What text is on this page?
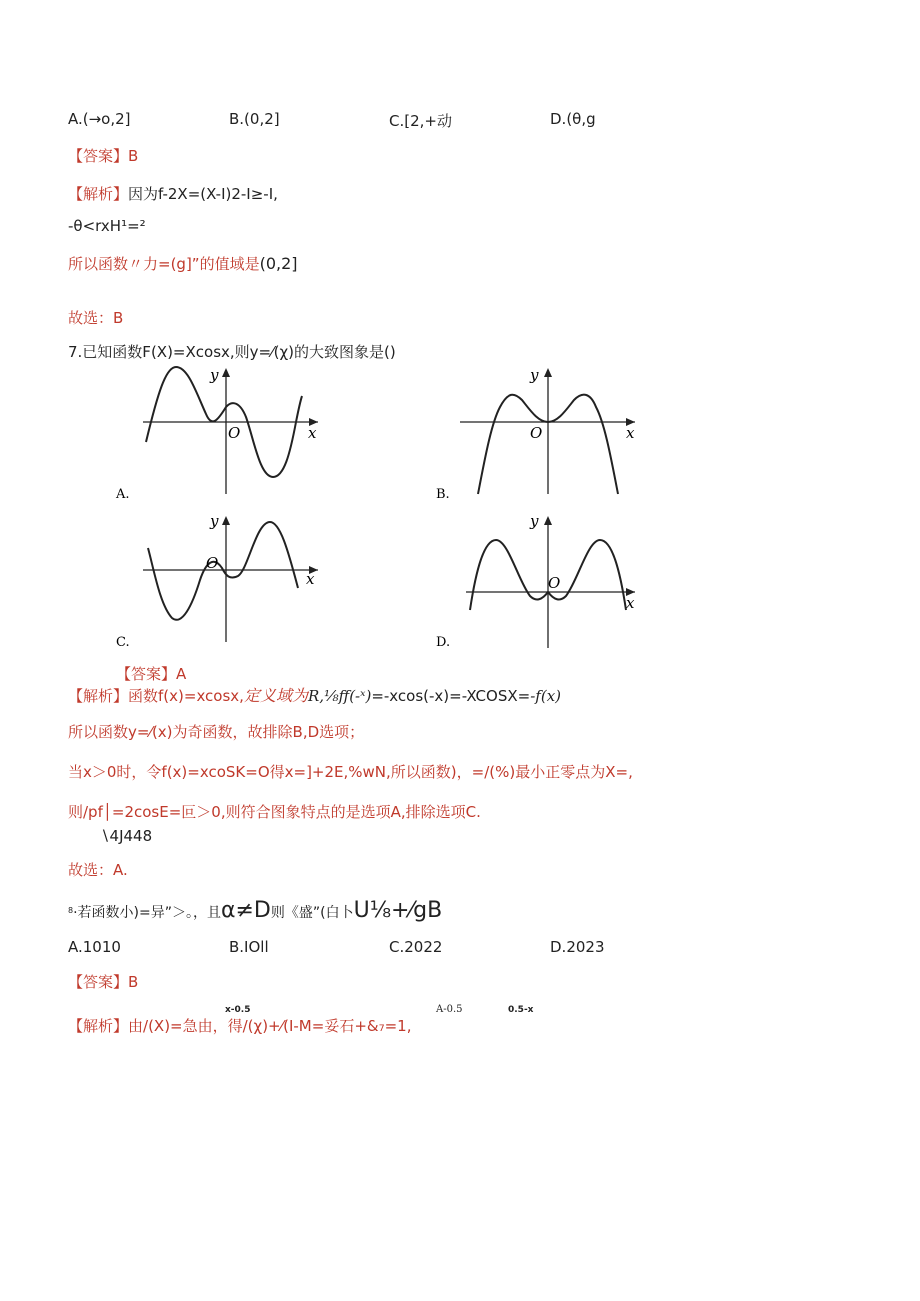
A.(→o,2]	B.(0,2]	C.[2,+动	D.(θ,g
【答案】B
【解析】因为f-2X=(X-I)2-I≥-I,
-θ<rxH¹=²
所以函数〃力=(g]”的值域是(0,2]
故选：B
7.已知函数F(X)=Xcosx,则y=⁄(χ)的大致图象是()
y
x
O
A.
y
x
O
B.
y
x
O
C.
y
x
O
D.
【答案】A
【解析】函数f(x)=xcosx,定义域为R,⅛ff(-ˣ)=-xcos(-x)=-XCOSX=-f(x)
所以函数y=⁄(x)为奇函数，故排除B,D选项；
当x＞0时，令f(x)=xcoSK=O得x=]+2E,%wN,所以函数)，=/(%)最小正零点为X=,
则/pf│=2cosE=叵＞0,则符合图象特点的是选项A,排除选项C.
∖4J448
故选：A.
$^8$·若函数小)=异”＞。，且α≠D则《盛”(白卜U⅛+⁄gB
A.1010	B.IOll	C.2022	D.2023
【答案】B
x-0.5	A-0.5	0.5-x
【解析】由/(X)=急由，得/(χ)+⁄(I-M=妥石+&₇=1,
